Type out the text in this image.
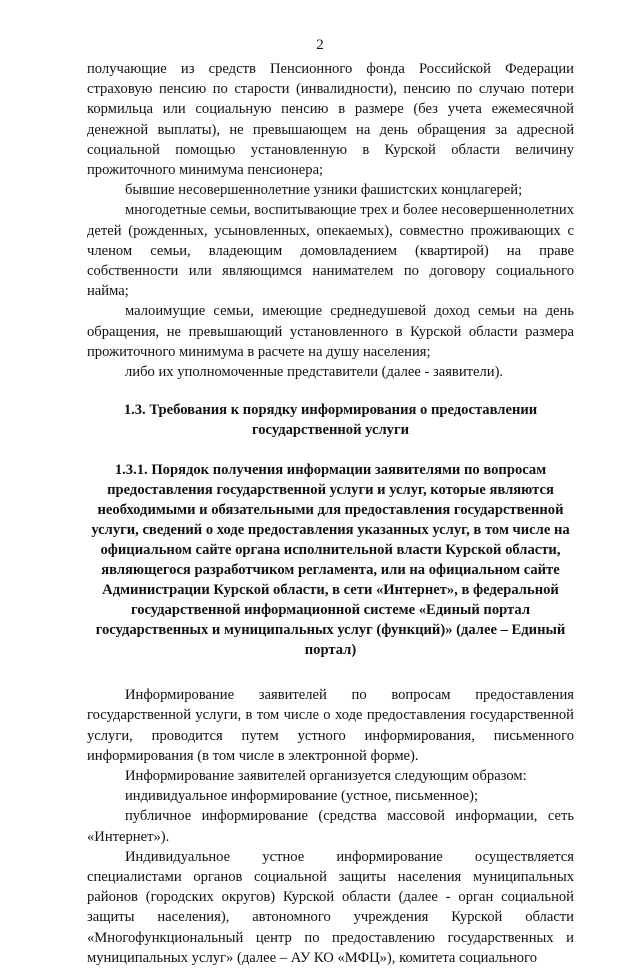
2

получающие из средств Пенсионного фонда Российской Федерации страховую пенсию по старости (инвалидности), пенсию по случаю потери кормильца или социальную пенсию в размере (без учета ежемесячной денежной выплаты), не превышающем на день обращения за адресной социальной помощью установленную в Курской области величину прожиточного минимума пенсионера;

бывшие несовершеннолетние узники фашистских концлагерей;

многодетные семьи, воспитывающие трех и более несовершеннолетних детей (рожденных, усыновленных, опекаемых), совместно проживающих с членом семьи, владеющим домовладением (квартирой) на праве собственности или являющимся нанимателем по договору социального найма;

малоимущие семьи, имеющие среднедушевой доход семьи на день обращения, не превышающий установленного в Курской области размера прожиточного минимума в расчете на душу населения;

либо их уполномоченные представители (далее - заявители).

1.3. Требования к порядку информирования о предоставлении государственной услуги

1.3.1. Порядок получения информации заявителями по вопросам предоставления государственной услуги и услуг, которые являются необходимыми и обязательными для предоставления государственной услуги, сведений о ходе предоставления указанных услуг, в том числе на официальном сайте органа исполнительной власти Курской области, являющегося разработчиком регламента, или на официальном сайте Администрации Курской области, в сети «Интернет», в федеральной государственной информационной системе «Единый портал государственных и муниципальных услуг (функций)» (далее – Единый портал)

Информирование заявителей по вопросам предоставления государственной услуги, в том числе о ходе предоставления государственной услуги, проводится путем устного информирования, письменного информирования (в том числе в электронной форме).

Информирование заявителей организуется следующим образом:

индивидуальное информирование (устное, письменное);

публичное информирование (средства массовой информации, сеть «Интернет»).

Индивидуальное устное информирование осуществляется специалистами органов социальной защиты населения муниципальных районов (городских округов) Курской области (далее - орган социальной защиты населения), автономного учреждения Курской области «Многофункциональный центр по предоставлению государственных и муниципальных услуг» (далее – АУ КО «МФЦ»), комитета социального
